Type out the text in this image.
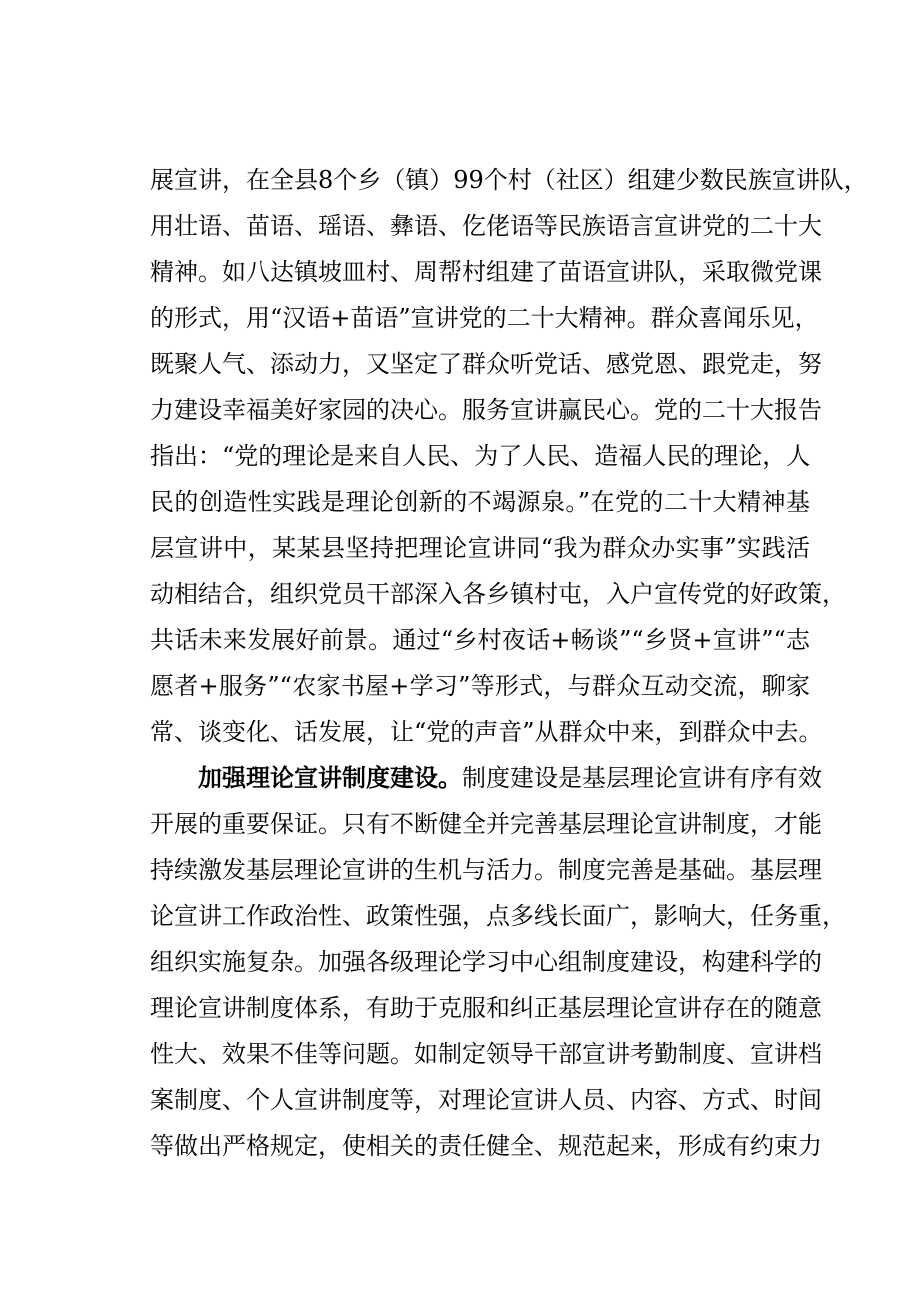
展宣讲，在全县8个乡（镇）99个村（社区）组建少数民族宣讲队，
用壮语、苗语、瑶语、彝语、仡佬语等民族语言宣讲党的二十大
精神。如八达镇坡皿村、周帮村组建了苗语宣讲队，采取微党课
的形式，用“汉语+苗语”宣讲党的二十大精神。群众喜闻乐见，
既聚人气、添动力，又坚定了群众听党话、感党恩、跟党走，努
力建设幸福美好家园的决心。服务宣讲赢民心。党的二十大报告
指出：“党的理论是来自人民、为了人民、造福人民的理论，人
民的创造性实践是理论创新的不竭源泉。”在党的二十大精神基
层宣讲中，某某县坚持把理论宣讲同“我为群众办实事”实践活
动相结合，组织党员干部深入各乡镇村屯，入户宣传党的好政策，
共话未来发展好前景。通过“乡村夜话+畅谈”“乡贤+宣讲”“志
愿者+服务”“农家书屋+学习”等形式，与群众互动交流，聊家
常、谈变化、话发展，让“党的声音”从群众中来，到群众中去。
加强理论宣讲制度建设。制度建设是基层理论宣讲有序有效
开展的重要保证。只有不断健全并完善基层理论宣讲制度，才能
持续激发基层理论宣讲的生机与活力。制度完善是基础。基层理
论宣讲工作政治性、政策性强，点多线长面广，影响大，任务重，
组织实施复杂。加强各级理论学习中心组制度建设，构建科学的
理论宣讲制度体系，有助于克服和纠正基层理论宣讲存在的随意
性大、效果不佳等问题。如制定领导干部宣讲考勤制度、宣讲档
案制度、个人宣讲制度等，对理论宣讲人员、内容、方式、时间
等做出严格规定，使相关的责任健全、规范起来，形成有约束力
